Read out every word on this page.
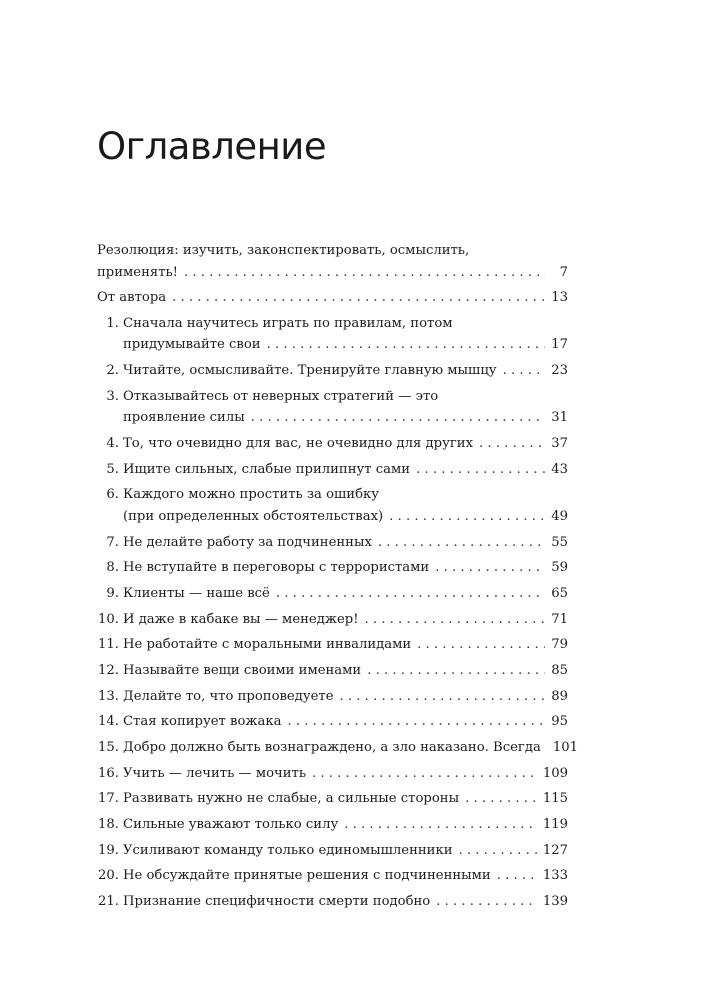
Оглавление
Резолюция: изучить, законспектировать, осмыслить,
применять! . . .	7
От автора . . .	13
1. Сначала научитесь играть по правилам, потом
придумывайте свои . . .	17
2. Читайте, осмысливайте. Тренируйте главную мышцу . . .	23
3. Отказывайтесь от неверных стратегий — это
проявление силы . . .	31
4. То, что очевидно для вас, не очевидно для других . . .	37
5. Ищите сильных, слабые прилипнут сами . . .	43
6. Каждого можно простить за ошибку
(при определенных обстоятельствах) . . .	49
7. Не делайте работу за подчиненных . . .	55
8. Не вступайте в переговоры с террористами . . .	59
9. Клиенты — наше всё . . .	65
10. И даже в кабаке вы — менеджер! . . .	71
11. Не работайте с моральными инвалидами . . .	79
12. Называйте вещи своими именами . . .	85
13. Делайте то, что проповедуете . . .	89
14. Стая копирует вожака . . .	95
15. Добро должно быть вознаграждено, а зло наказано. Всегда 101
16. Учить — лечить — мочить . . .	109
17. Развивать нужно не слабые, а сильные стороны . . .	115
18. Сильные уважают только силу . . .	119
19. Усиливают команду только единомышленники . . .	127
20. Не обсуждайте принятые решения с подчиненными . . .	133
21. Признание специфичности смерти подобно . . .	139
